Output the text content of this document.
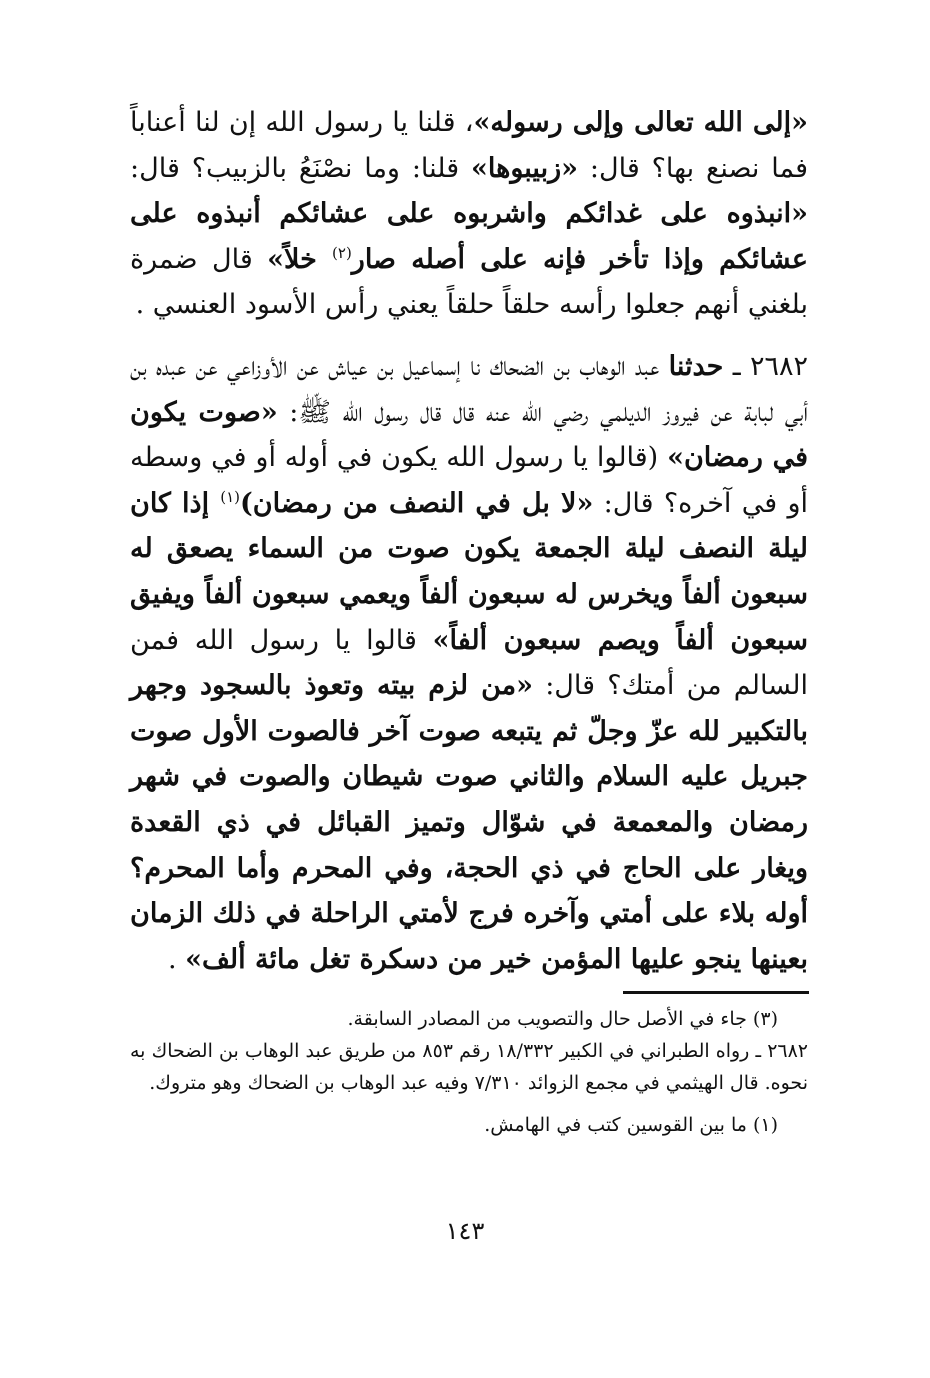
«إلى الله تعالى وإلى رسوله»، قلنا يا رسول الله إن لنا أعناباً فما نصنع بها؟ قال: «زبيبوها» قلنا: وما نصْنَعُ بالزبيب؟ قال: «انبذوه على غدائكم واشربوه على عشائكم أنبذوه على عشائكم وإذا تأخر فإنه على أصله صار$^{(٢)}$ خلاً» قال ضمرة بلغني أنهم جعلوا رأسه حلقاً حلقاً يعني رأس الأسود العنسي .

٢٦٨٢ ـ حدثنا عبد الوهاب بن الضحاك نا إسماعيل بن عياش عن الأوزاعي عن عبده بن أبي لبابة عن فيروز الديلمي رضي الله عنه قال قال رسول الله ﷺ: «صوت يكون في رمضان» (قالوا يا رسول الله يكون في أوله أو في وسطه أو في آخره؟ قال: «لا بل في النصف من رمضان)$^{(١)}$ إذا كان ليلة النصف ليلة الجمعة يكون صوت من السماء يصعق له سبعون ألفاً ويخرس له سبعون ألفاً ويعمي سبعون ألفاً ويفيق سبعون ألفاً ويصم سبعون ألفاً» قالوا يا رسول الله فمن السالم من أمتك؟ قال: «من لزم بيته وتعوذ بالسجود وجهر بالتكبير لله عزّ وجلّ ثم يتبعه صوت آخر فالصوت الأول صوت جبريل عليه السلام والثاني صوت شيطان والصوت في شهر رمضان والمعمعة في شوّال وتميز القبائل في ذي القعدة ويغار على الحاج في ذي الحجة، وفي المحرم وأما المحرم؟ أوله بلاء على أمتي وآخره فرج لأمتي الراحلة في ذلك الزمان بعينها ينجو عليها المؤمن خير من دسكرة تغل مائة ألف» .

(٣) جاء في الأصل حال والتصويب من المصادر السابقة.

٢٦٨٢ ـ رواه الطبراني في الكبير ١٨/٣٣٢ رقم ٨٥٣ من طريق عبد الوهاب بن الضحاك به نحوه. قال الهيثمي في مجمع الزوائد ٧/٣١٠ وفيه عبد الوهاب بن الضحاك وهو متروك.

(١) ما بين القوسين كتب في الهامش.

١٤٣
